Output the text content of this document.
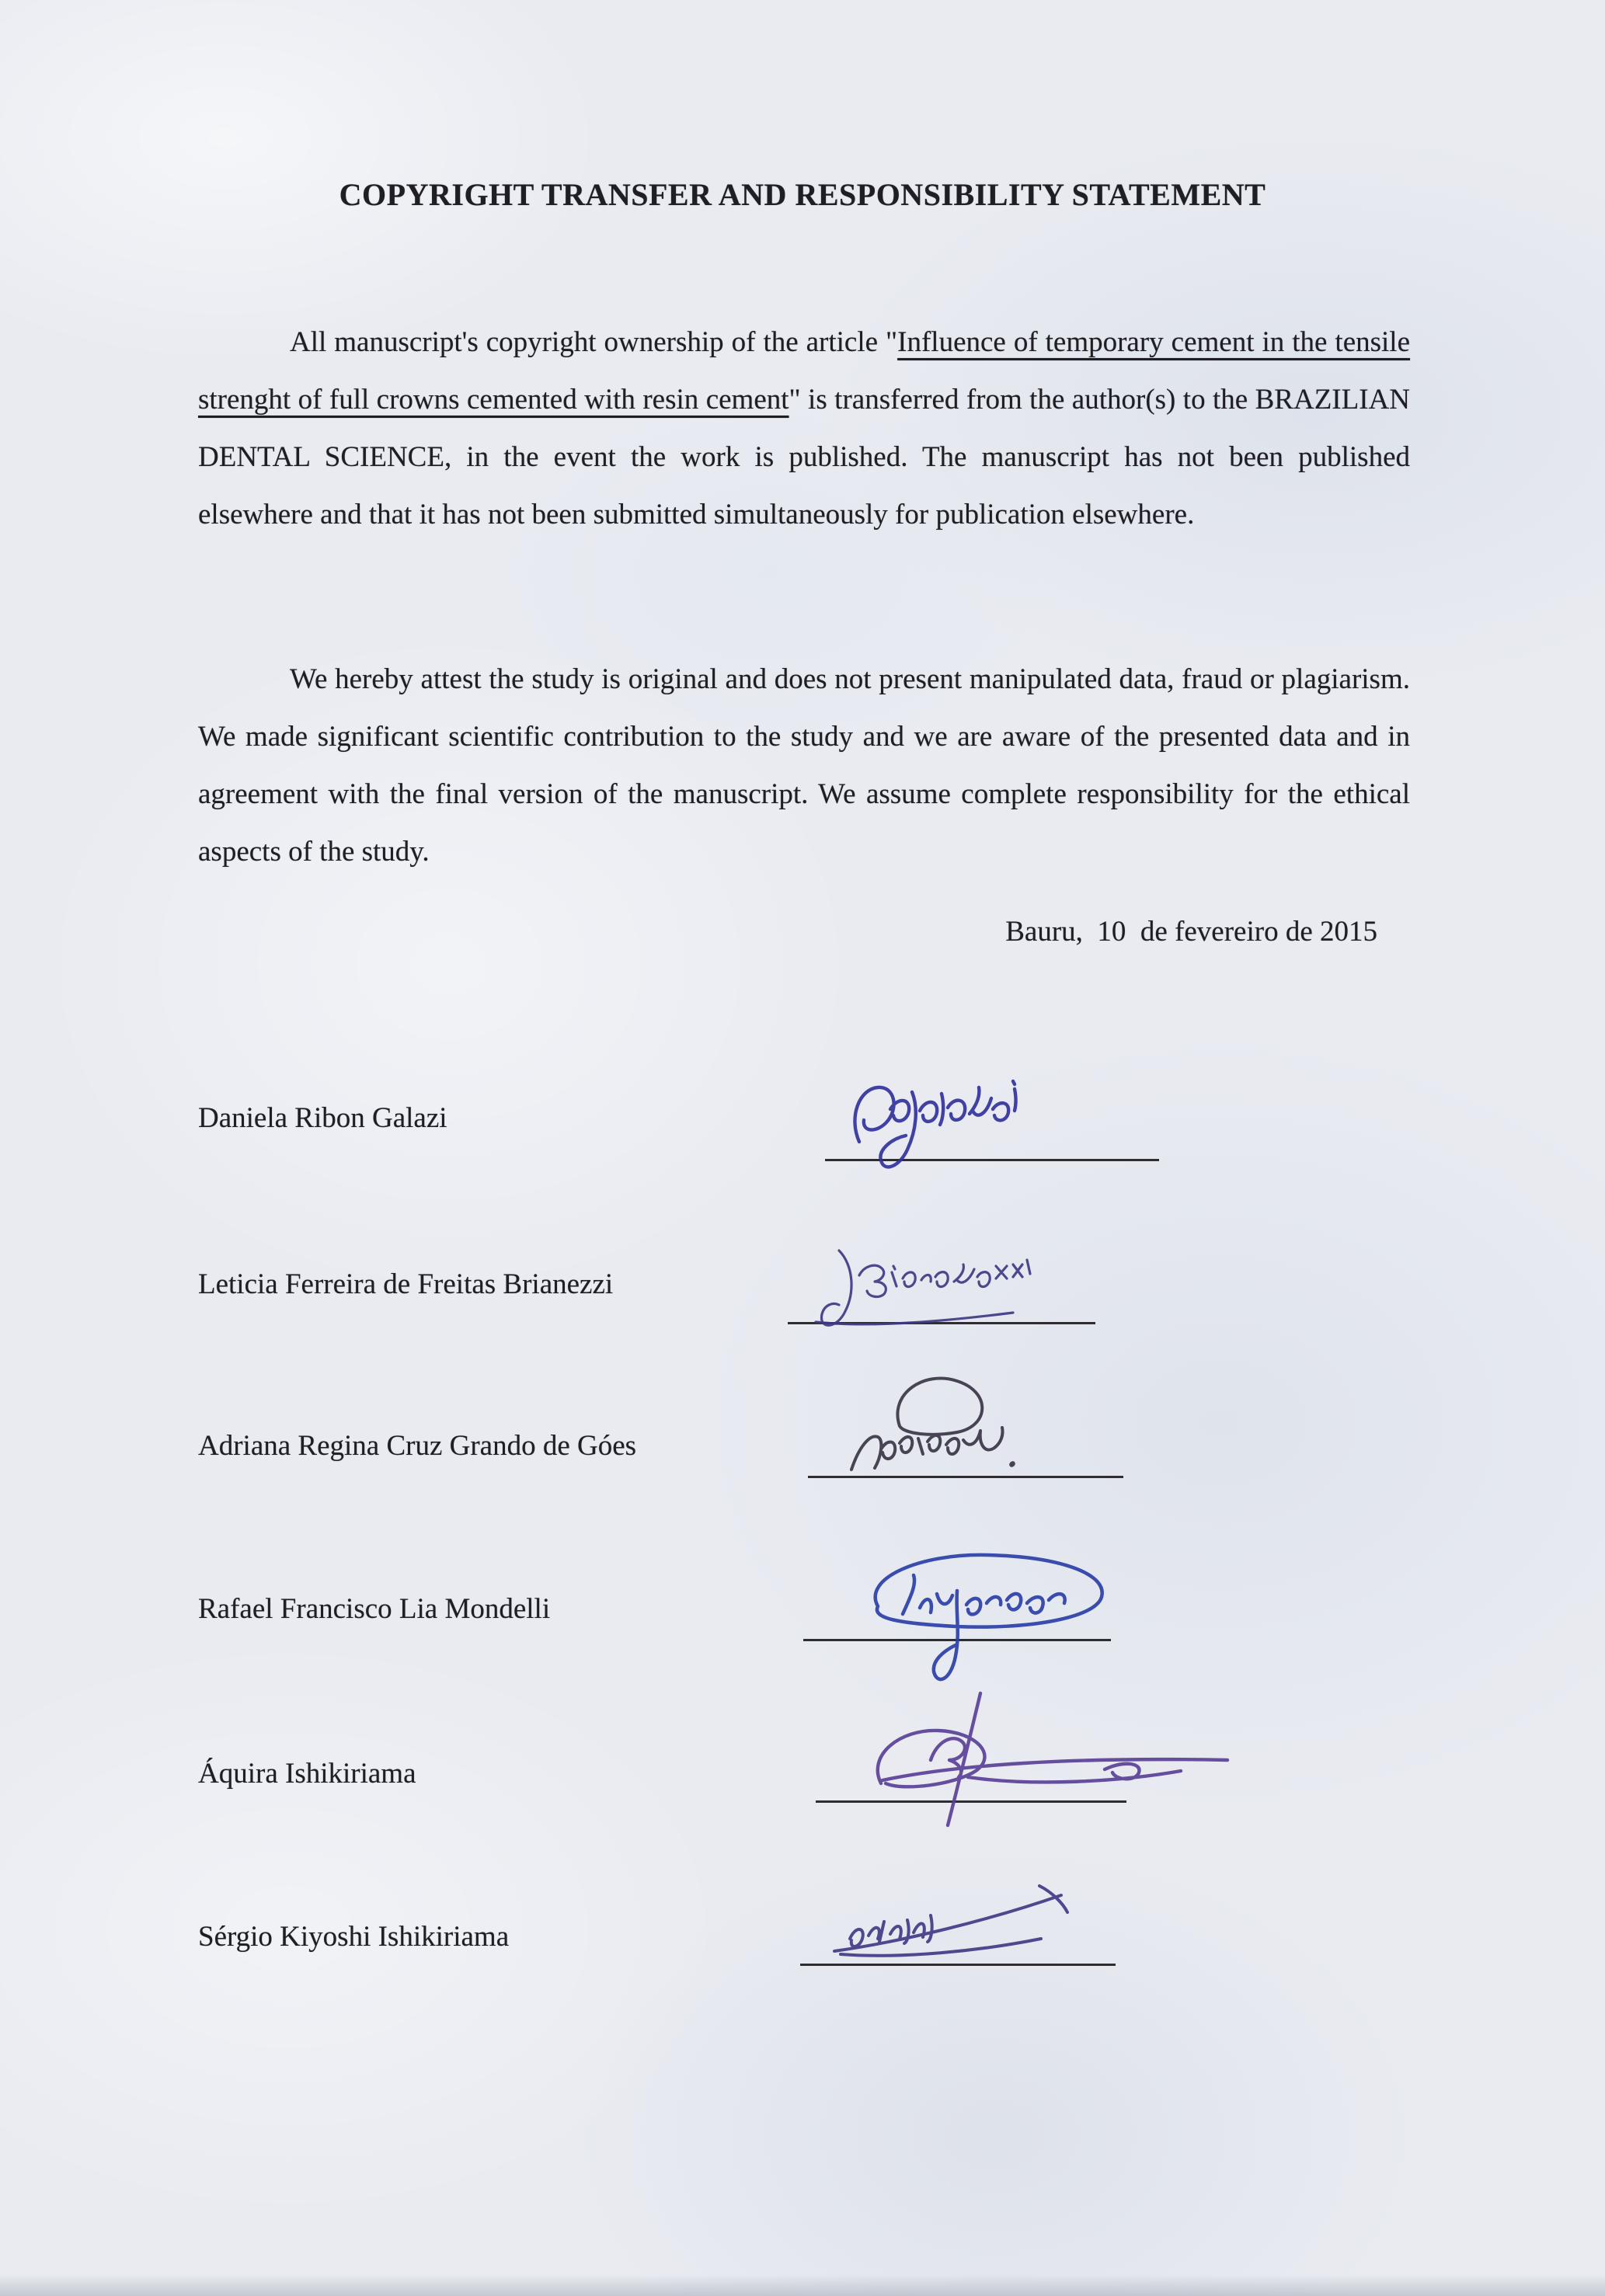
COPYRIGHT TRANSFER AND RESPONSIBILITY STATEMENT

All manuscript's copyright ownership of the article "Influence of temporary cement in the tensile strenght of full crowns cemented with resin cement" is transferred from the author(s) to the BRAZILIAN DENTAL SCIENCE, in the event the work is published. The manuscript has not been published elsewhere and that it has not been submitted simultaneously for publication elsewhere.

We hereby attest the study is original and does not present manipulated data, fraud or plagiarism. We made significant scientific contribution to the study and we are aware of the presented data and in agreement with the final version of the manuscript. We assume complete responsibility for the ethical aspects of the study.

Bauru,  10  de fevereiro de 2015
Daniela Ribon Galazi
Leticia Ferreira de Freitas Brianezzi
Adriana Regina Cruz Grando de Góes
Rafael Francisco Lia Mondelli
Áquira Ishikiriama
Sérgio Kiyoshi Ishikiriama
